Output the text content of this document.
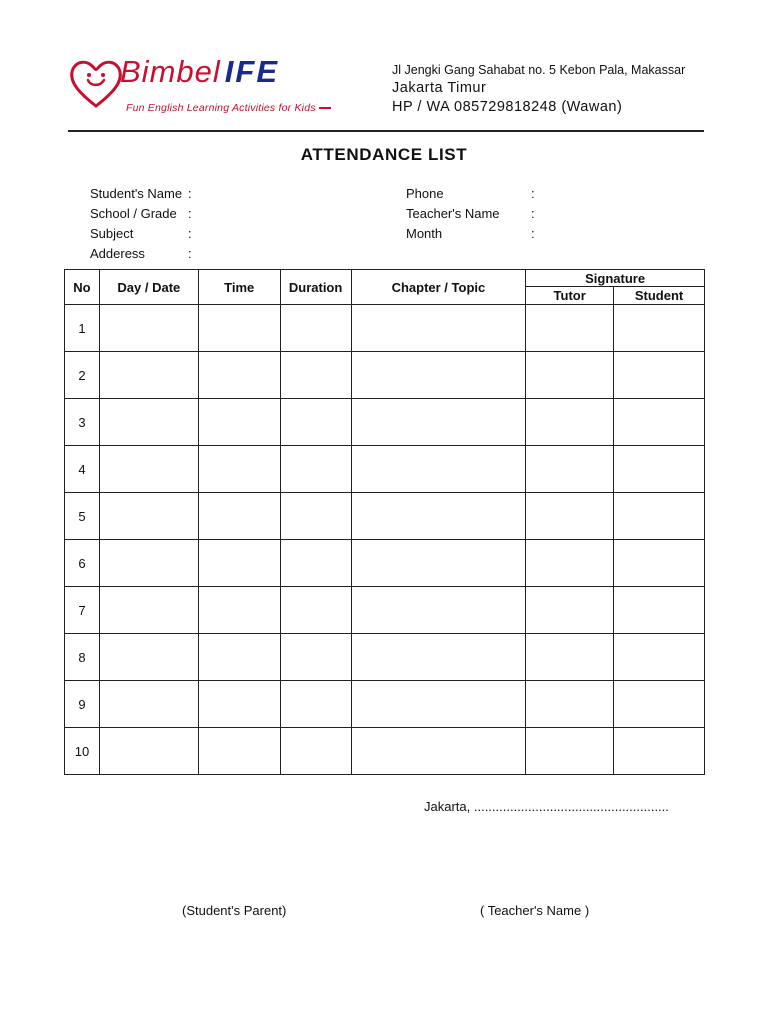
Bimbel IFE
Fun English Learning Activities for Kids
Jl Jengki Gang Sahabat no. 5 Kebon Pala, Makassar
Jakarta Timur
HP / WA 085729818248 (Wawan)
ATTENDANCE LIST
Student's Name :
School / Grade :
Subject	:
Adderess	:
Phone	:
Teacher's Name :
Month	:
No	Day / Date	Time	Duration	Chapter / Topic	Signature	
					Tutor	Student
1						
2						
3						
4						
5						
6						
7						
8						
9						
10						
Jakarta, ......................................................
(Student's Parent)	( Teacher's Name )
